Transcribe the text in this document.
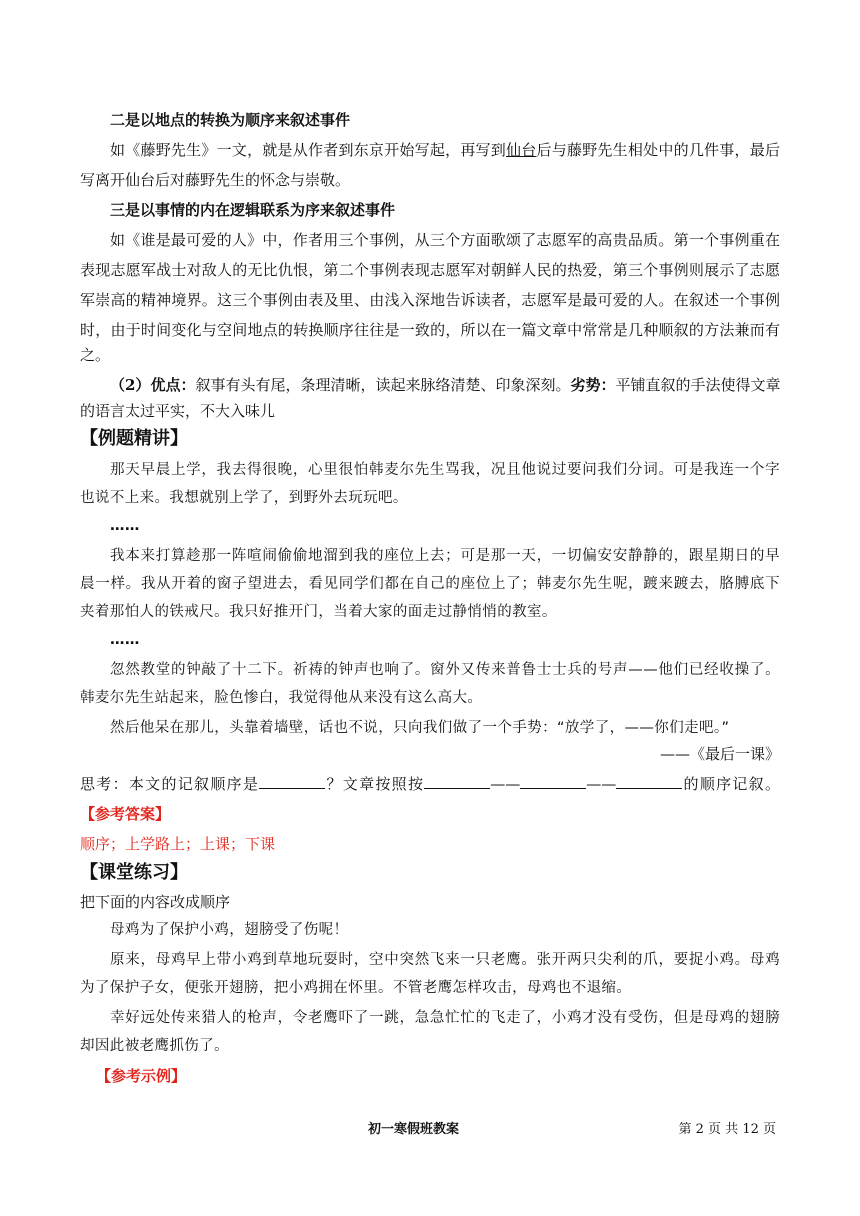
二是以地点的转换为顺序来叙述事件
如《藤野先生》一文，就是从作者到东京开始写起，再写到仙台后与藤野先生相处中的几件事，最后
写离开仙台后对藤野先生的怀念与崇敬。
三是以事情的内在逻辑联系为序来叙述事件
如《谁是最可爱的人》中，作者用三个事例，从三个方面歌颂了志愿军的高贵品质。第一个事例重在
表现志愿军战士对敌人的无比仇恨，第二个事例表现志愿军对朝鲜人民的热爱，第三个事例则展示了志愿
军崇高的精神境界。这三个事例由表及里、由浅入深地告诉读者，志愿军是最可爱的人。在叙述一个事例
时，由于时间变化与空间地点的转换顺序往往是一致的，所以在一篇文章中常常是几种顺叙的方法兼而有
之。
（2）优点：叙事有头有尾，条理清晰，读起来脉络清楚、印象深刻。劣势：平铺直叙的手法使得文章
的语言太过平实，不大入味儿
【例题精讲】
那天早晨上学，我去得很晚，心里很怕韩麦尔先生骂我，况且他说过要问我们分词。可是我连一个字
也说不上来。我想就别上学了，到野外去玩玩吧。
……
我本来打算趁那一阵喧闹偷偷地溜到我的座位上去；可是那一天，一切偏安安静静的，跟星期日的早
晨一样。我从开着的窗子望进去，看见同学们都在自己的座位上了；韩麦尔先生呢，踱来踱去，胳膊底下
夹着那怕人的铁戒尺。我只好推开门，当着大家的面走过静悄悄的教室。
……
忽然教堂的钟敲了十二下。祈祷的钟声也响了。窗外又传来普鲁士士兵的号声——他们已经收操了。
韩麦尔先生站起来，脸色惨白，我觉得他从来没有这么高大。
然后他呆在那儿，头靠着墙壁，话也不说，只向我们做了一个手势：“放学了，——你们走吧。”
——《最后一课》
思考：本文的记叙顺序是	？文章按照按	——	——	的顺序记叙。
【参考答案】
顺序；上学路上；上课；下课
【课堂练习】
把下面的内容改成顺序
母鸡为了保护小鸡，翅膀受了伤呢！
原来，母鸡早上带小鸡到草地玩耍时，空中突然飞来一只老鹰。张开两只尖利的爪，要捉小鸡。母鸡
为了保护子女，便张开翅膀，把小鸡拥在怀里。不管老鹰怎样攻击，母鸡也不退缩。
幸好远处传来猎人的枪声，令老鹰吓了一跳，急急忙忙的飞走了，小鸡才没有受伤，但是母鸡的翅膀
却因此被老鹰抓伤了。
【参考示例】
初一寒假班教案	第 2 页 共 12 页
